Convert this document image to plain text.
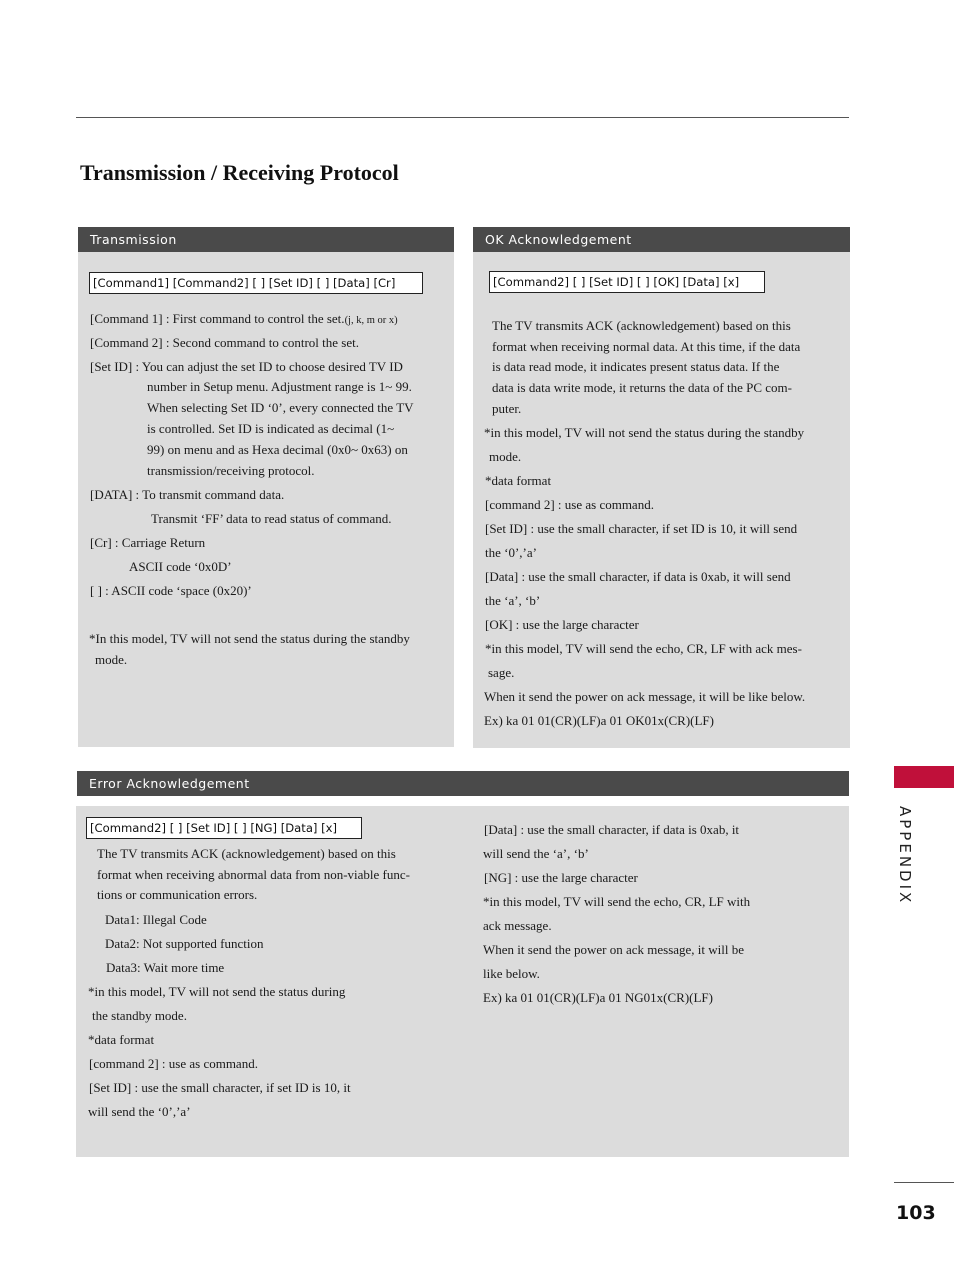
Transmission / Receiving Protocol
Transmission
[Command1] [Command2] [ ] [Set ID] [ ] [Data] [Cr]
[Command 1] : First command to control the set.(j, k, m or x)
[Command 2] : Second command to control the set.
[Set ID] : You can adjust the set ID to choose desired TV ID
number in Setup menu. Adjustment range is 1~ 99.
When selecting Set ID ‘0’, every connected the TV
is controlled. Set ID is indicated as decimal (1~
99) on menu and as Hexa decimal (0x0~ 0x63) on
transmission/receiving protocol.
[DATA] : To transmit command data.
Transmit ‘FF’ data to read status of command.
[Cr] : Carriage Return
ASCII code ‘0x0D’
[ ] : ASCII code ‘space (0x20)’
*In this model, TV will not send the status during the standby
mode.
OK Acknowledgement
[Command2] [ ] [Set ID] [ ] [OK] [Data] [x]
The TV transmits ACK (acknowledgement) based on this
format when receiving normal data. At this time, if the data
is data read mode, it indicates present status data. If the
data is data write mode, it returns the data of the PC com-
puter.
*in this model, TV will not send the status during the standby
mode.
*data format
[command 2] : use as command.
[Set ID] : use the small character, if set ID is 10, it will send
the ‘0’,’a’
[Data] : use the small character, if data is 0xab, it will send
the ‘a’, ‘b’
[OK] : use the large character
*in this model, TV will send the echo, CR, LF with ack mes-
sage.
When it send the power on ack message, it will be like below.
Ex) ka 01 01(CR)(LF)a 01 OK01x(CR)(LF)
Error Acknowledgement
[Command2] [ ] [Set ID] [ ] [NG] [Data] [x]
The TV transmits ACK (acknowledgement) based on this
format when receiving abnormal data from non-viable func-
tions or communication errors.
Data1: Illegal Code
Data2: Not supported function
Data3: Wait more time
*in this model, TV will not send the status during
the standby mode.
*data format
[command 2] : use as command.
[Set ID] : use the small character, if set ID is 10, it
will send the ‘0’,’a’
[Data] : use the small character, if data is 0xab, it
will send the ‘a’, ‘b’
[NG] : use the large character
*in this model, TV will send the echo, CR, LF with
ack message.
When it send the power on ack message, it will be
like below.
Ex) ka 01 01(CR)(LF)a 01 NG01x(CR)(LF)
APPENDIX
103
